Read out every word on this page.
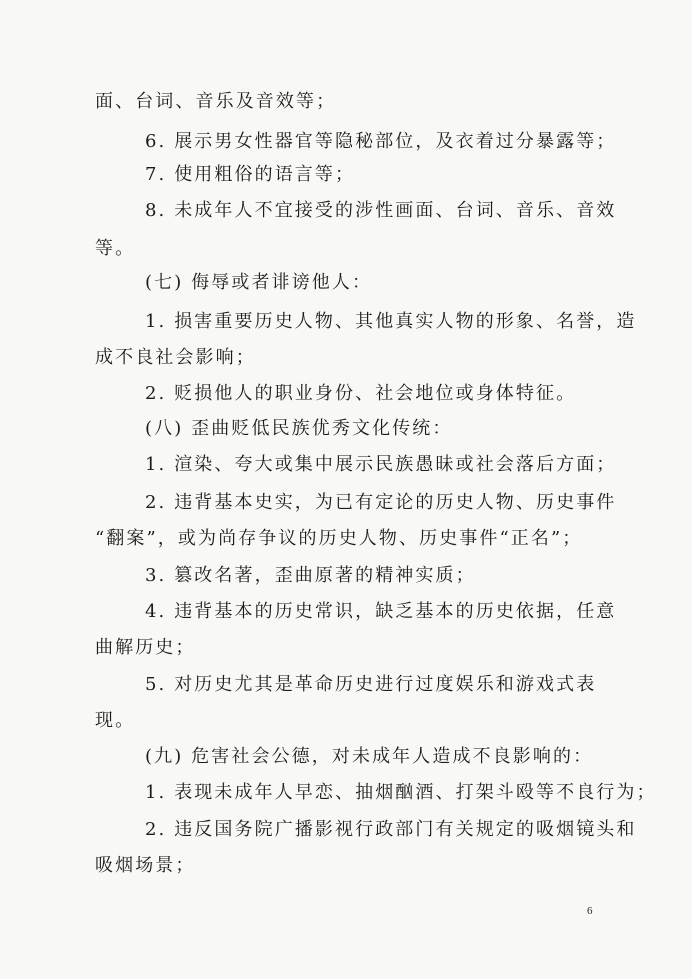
面、台词、音乐及音效等；
6. 展示男女性器官等隐秘部位，及衣着过分暴露等；
7. 使用粗俗的语言等；
8. 未成年人不宜接受的涉性画面、台词、音乐、音效
等。
(七) 侮辱或者诽谤他人：
1. 损害重要历史人物、其他真实人物的形象、名誉，造
成不良社会影响；
2. 贬损他人的职业身份、社会地位或身体特征。
(八) 歪曲贬低民族优秀文化传统：
1. 渲染、夸大或集中展示民族愚昧或社会落后方面；
2. 违背基本史实，为已有定论的历史人物、历史事件
“翻案”，或为尚存争议的历史人物、历史事件“正名”；
3. 篡改名著，歪曲原著的精神实质；
4. 违背基本的历史常识，缺乏基本的历史依据，任意
曲解历史；
5. 对历史尤其是革命历史进行过度娱乐和游戏式表
现。
(九) 危害社会公德，对未成年人造成不良影响的：
1. 表现未成年人早恋、抽烟酗酒、打架斗殴等不良行为；
2. 违反国务院广播影视行政部门有关规定的吸烟镜头和
吸烟场景；
6
